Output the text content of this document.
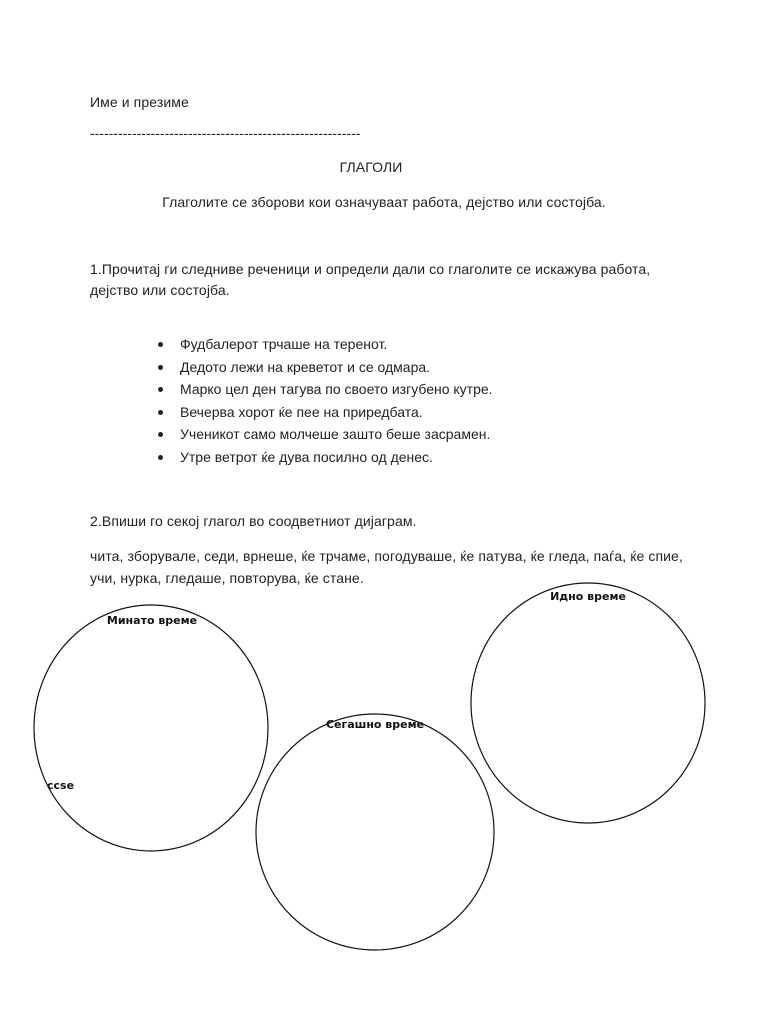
Име и презиме
----------------------------------------------------------
ГЛАГОЛИ
Глаголите се зборови кои означуваат работа, дејство или состојба.
1.Прочитај ги следниве реченици и определи дали со глаголите се искажува работа, дејство или состојба.
Фудбалерот трчаше на теренот.
Дедото лежи на креветот и се одмара.
Марко цел ден тагува по своето изгубено кутре.
Вечерва хорот ќе пее на приредбата.
Ученикот само молчеше зашто беше засрамен.
Утре ветрот ќе дува посилно од денес.
2.Впиши го секој глагол во соодветниот дијаграм.
чита, зборувале, седи, врнеше, ќе трчаме, погодуваше, ќе патува, ќе гледа, паѓа, ќе спие, учи, нурка, гледаше, повторува, ќе стане.
Минато време
Сегашно време
Идно време
ссѕе
